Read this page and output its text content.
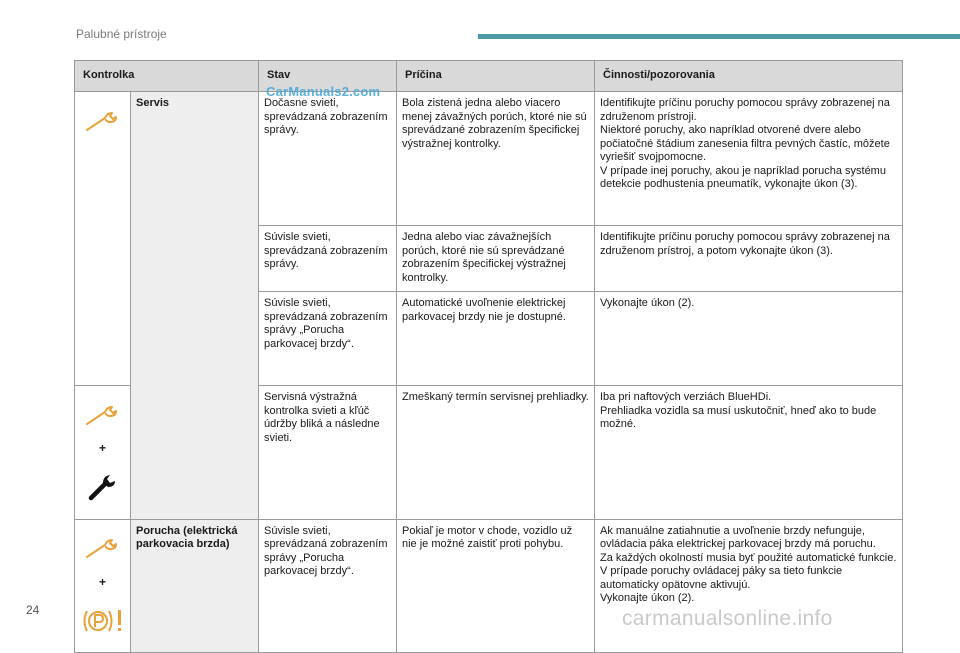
Palubné prístroje
Kontrolka		Stav	Príčina	Činnosti/pozorovania

	Servis	Dočasne svieti, sprevádzaná zobrazením správy.	Bola zistená jedna alebo viacero menej závažných porúch, ktoré nie sú sprevádzané zobrazením špecifickej výstražnej kontrolky.	Identifikujte príčinu poruchy pomocou správy zobrazenej na združenom prístroji.
Niektoré poruchy, ako napríklad otvorené dvere alebo počiatočné štádium zanesenia filtra pevných častíc, môžete vyriešiť svojpomocne.
V prípade inej poruchy, akou je napríklad porucha systému detekcie podhustenia pneumatík, vykonajte úkon (3).
		Súvisle svieti, sprevádzaná zobrazením správy.	Jedna alebo viac závažnejších porúch, ktoré nie sú sprevádzané zobrazením špecifickej výstražnej kontrolky.	Identifikujte príčinu poruchy pomocou správy zobrazenej na združenom prístroj, a potom vykonajte úkon (3).
		Súvisle svieti, sprevádzaná zobrazením správy „Porucha parkovacej brzdy“.	Automatické uvoľnenie elektrickej parkovacej brzdy nie je dostupné.	Vykonajte úkon (2).

+		Servisná výstražná kontrolka svieti a kľúč údržby bliká a následne svieti.	Zmeškaný termín servisnej prehliadky.	Iba pri naftových verziách BlueHDi.
Prehliadka vozidla sa musí uskutočniť, hneď ako to bude možné.

+	Porucha (elektrická parkovacia brzda)	Súvisle svieti, sprevádzaná zobrazením správy „Porucha parkovacej brzdy“.	Pokiaľ je motor v chode, vozidlo už nie je možné zaistiť proti pohybu.	Ak manuálne zatiahnutie a uvoľnenie brzdy nefunguje, ovládacia páka elektrickej parkovacej brzdy má poruchu.
Za každých okolností musia byť použité automatické funkcie. V prípade poruchy ovládacej páky sa tieto funkcie automaticky opätovne aktivujú.
Vykonajte úkon (2).
CarManuals2.com
24	carmanualsonline.info
